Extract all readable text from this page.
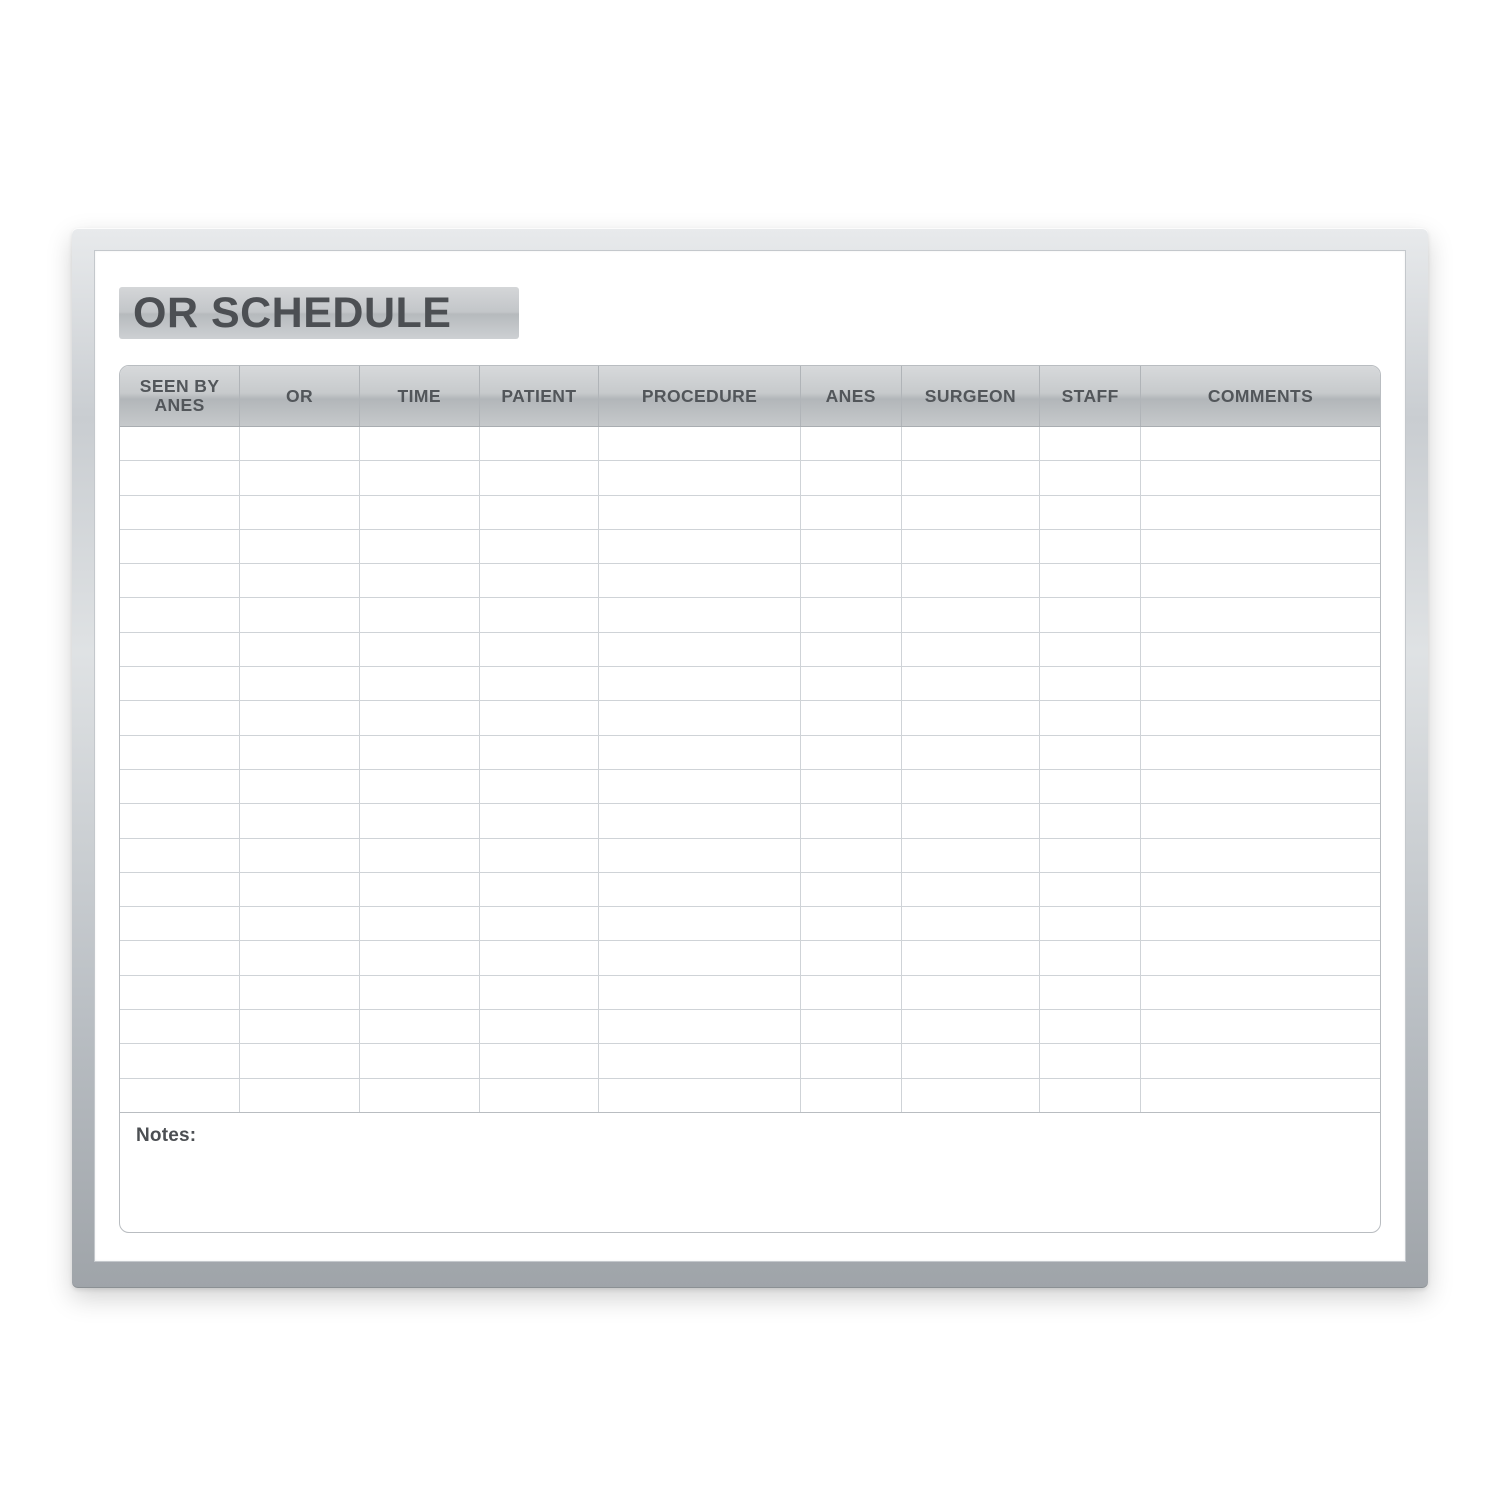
OR SCHEDULE
SEEN BY
ANES	OR	TIME	PATIENT	PROCEDURE	ANES	SURGEON	STAFF	COMMENTS

Notes:
